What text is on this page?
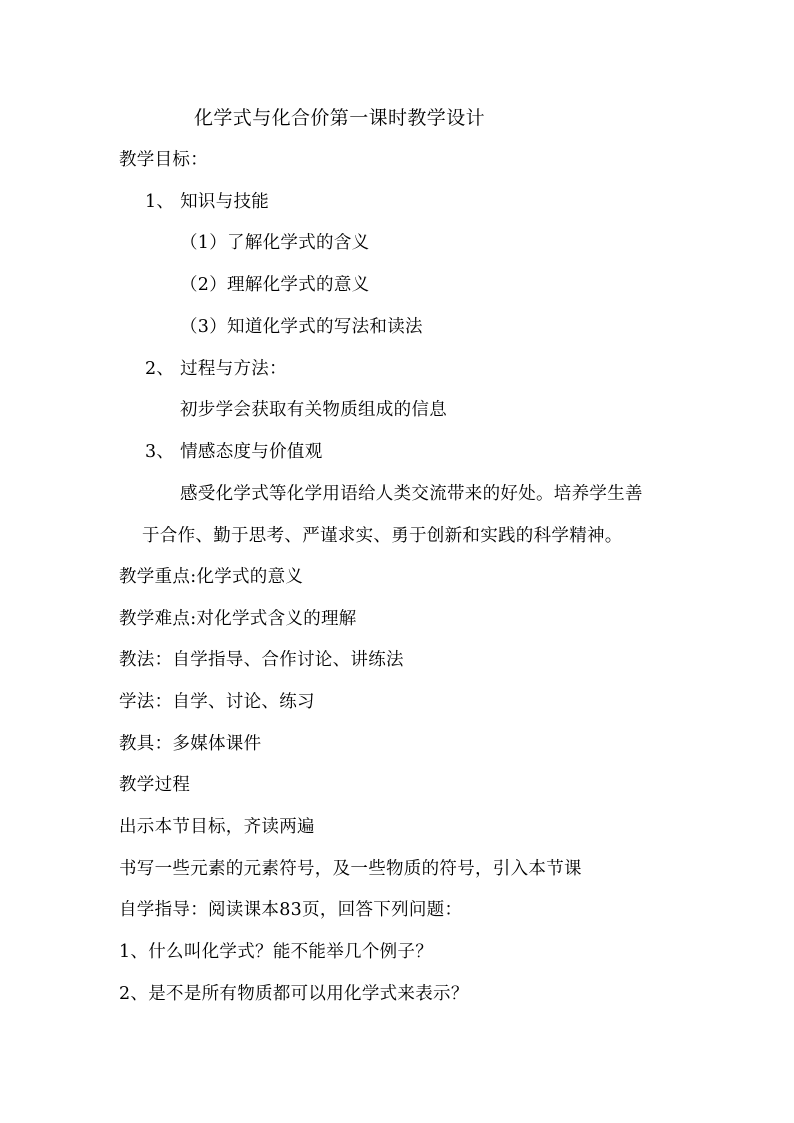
化学式与化合价第一课时教学设计
教学目标：
1、 知识与技能
（1）了解化学式的含义
（2）理解化学式的意义
（3）知道化学式的写法和读法
2、 过程与方法：
初步学会获取有关物质组成的信息
3、 情感态度与价值观
感受化学式等化学用语给人类交流带来的好处。培养学生善
于合作、勤于思考、严谨求实、勇于创新和实践的科学精神。
教学重点:化学式的意义
教学难点:对化学式含义的理解
教法：自学指导、合作讨论、讲练法
学法：自学、讨论、练习
教具：多媒体课件
教学过程
出示本节目标，齐读两遍
书写一些元素的元素符号，及一些物质的符号，引入本节课
自学指导：阅读课本83页，回答下列问题：
1、什么叫化学式？能不能举几个例子？
2、是不是所有物质都可以用化学式来表示？
